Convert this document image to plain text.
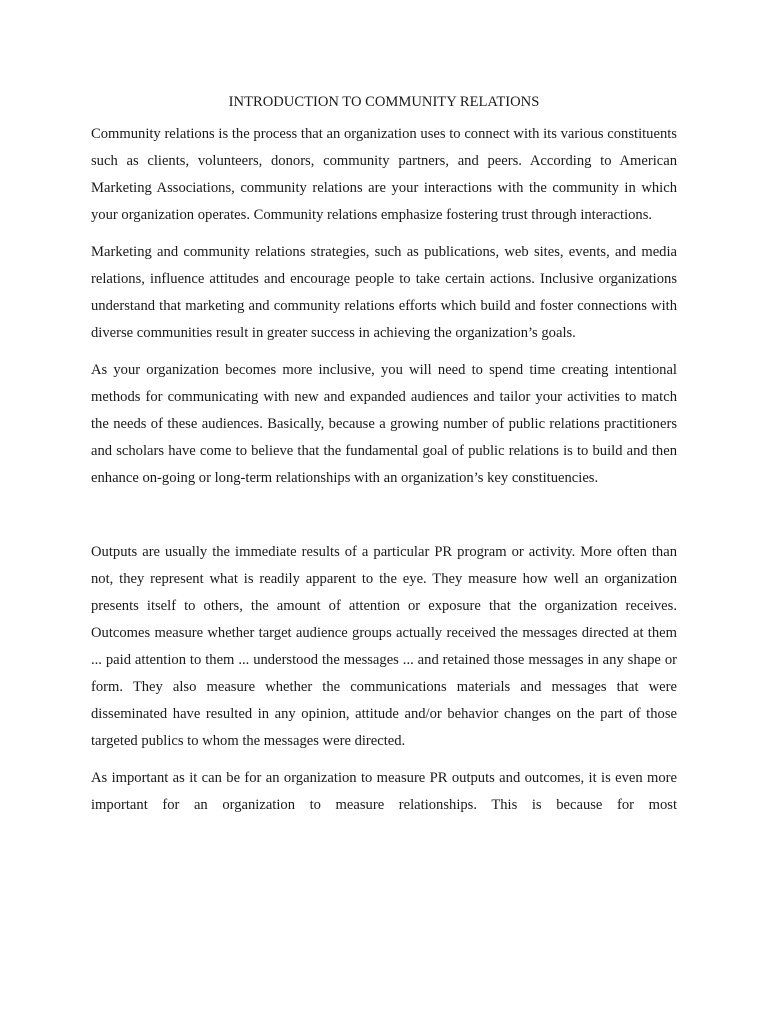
INTRODUCTION TO COMMUNITY RELATIONS

Community relations is the process that an organization uses to connect with its various constituents such as clients, volunteers, donors, community partners, and peers. According to American Marketing Associations, community relations are your interactions with the community in which your organization operates. Community relations emphasize fostering trust through interactions.

Marketing and community relations strategies, such as publications, web sites, events, and media relations, influence attitudes and encourage people to take certain actions. Inclusive organizations understand that marketing and community relations efforts which build and foster connections with diverse communities result in greater success in achieving the organization’s goals.

As your organization becomes more inclusive, you will need to spend time creating intentional methods for communicating with new and expanded audiences and tailor your activities to match the needs of these audiences. Basically, because a growing number of public relations practitioners and scholars have come to believe that the fundamental goal of public relations is to build and then enhance on-going or long-term relationships with an organization’s key constituencies.

Outputs are usually the immediate results of a particular PR program or activity. More often than not, they represent what is readily apparent to the eye. They measure how well an organization presents itself to others, the amount of attention or exposure that the organization receives. Outcomes measure whether target audience groups actually received the messages directed at them ... paid attention to them ... understood the messages ... and retained those messages in any shape or form. They also measure whether the communications materials and messages that were disseminated have resulted in any opinion, attitude and/or behavior changes on the part of those targeted publics to whom the messages were directed.

As important as it can be for an organization to measure PR outputs and outcomes, it is even more important for an organization to measure relationships. This is because for most
